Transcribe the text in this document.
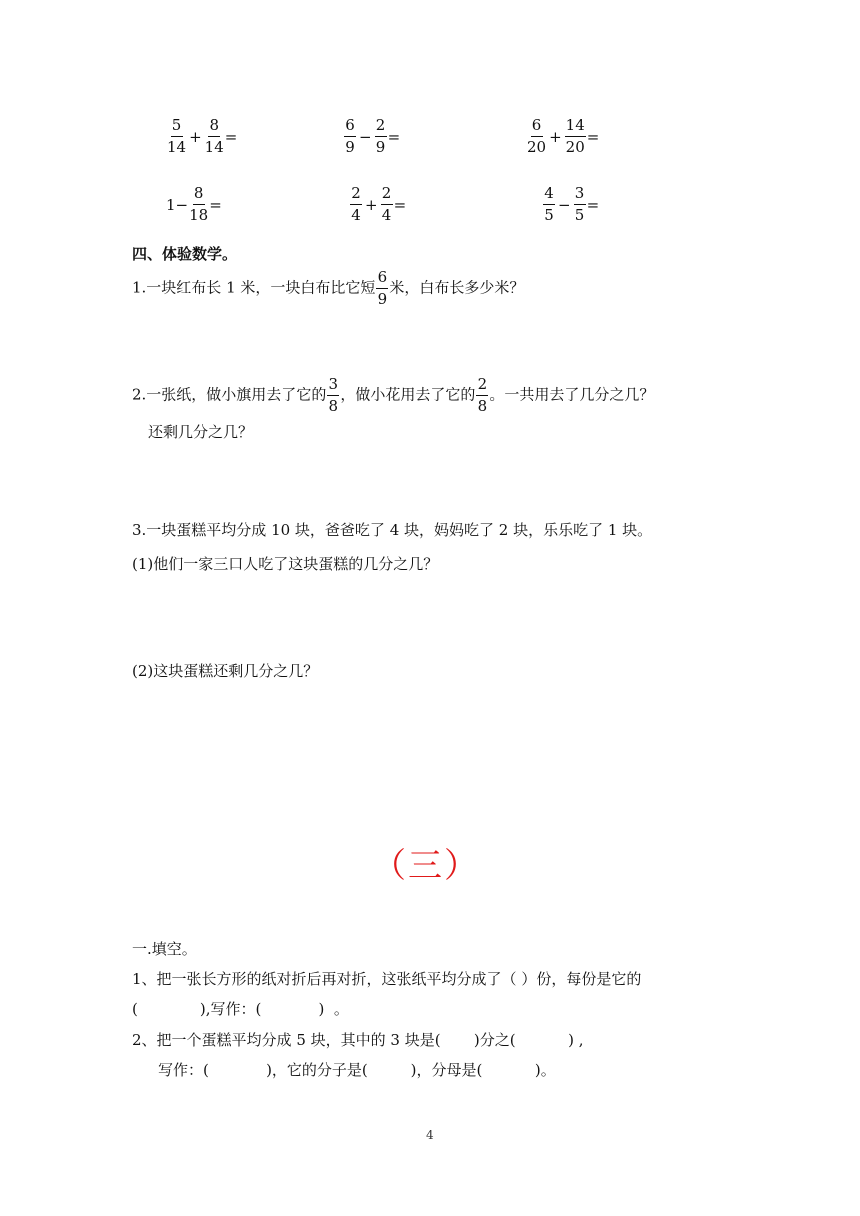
$\frac{5}{14} + \frac{8}{14}$ =	$\frac{6}{9} - \frac{2}{9}$ =	$\frac{6}{20} + \frac{14}{20}$ =
$1- \frac{8}{18}$ =	$\frac{2}{4} + \frac{2}{4}$ =	$\frac{4}{5} - \frac{3}{5}$ =
四、体验数学。
1.一块红布长 1 米，一块白布比它短 $\frac{6}{9}$ 米，白布长多少米？
2.一张纸，做小旗用去了它的 $\frac{3}{8}$ ，做小花用去了它的 $\frac{2}{8}$ 。一共用去了几分之几？
还剩几分之几？
3.一块蛋糕平均分成 10 块，爸爸吃了 4 块，妈妈吃了 2 块，乐乐吃了 1 块。
(1)他们一家三口人吃了这块蛋糕的几分之几？
(2)这块蛋糕还剩几分之几？
（三）
一.填空。
1、把一张长方形的纸对折后再对折，这张纸平均分成了（ ）份，每份是它的
(             ),写作：(            )  。
2、把一个蛋糕平均分成 5 块，其中的 3 块是(       )分之(           ) ,
写作：(            )，它的分子是(         )，分母是(           )。
4
